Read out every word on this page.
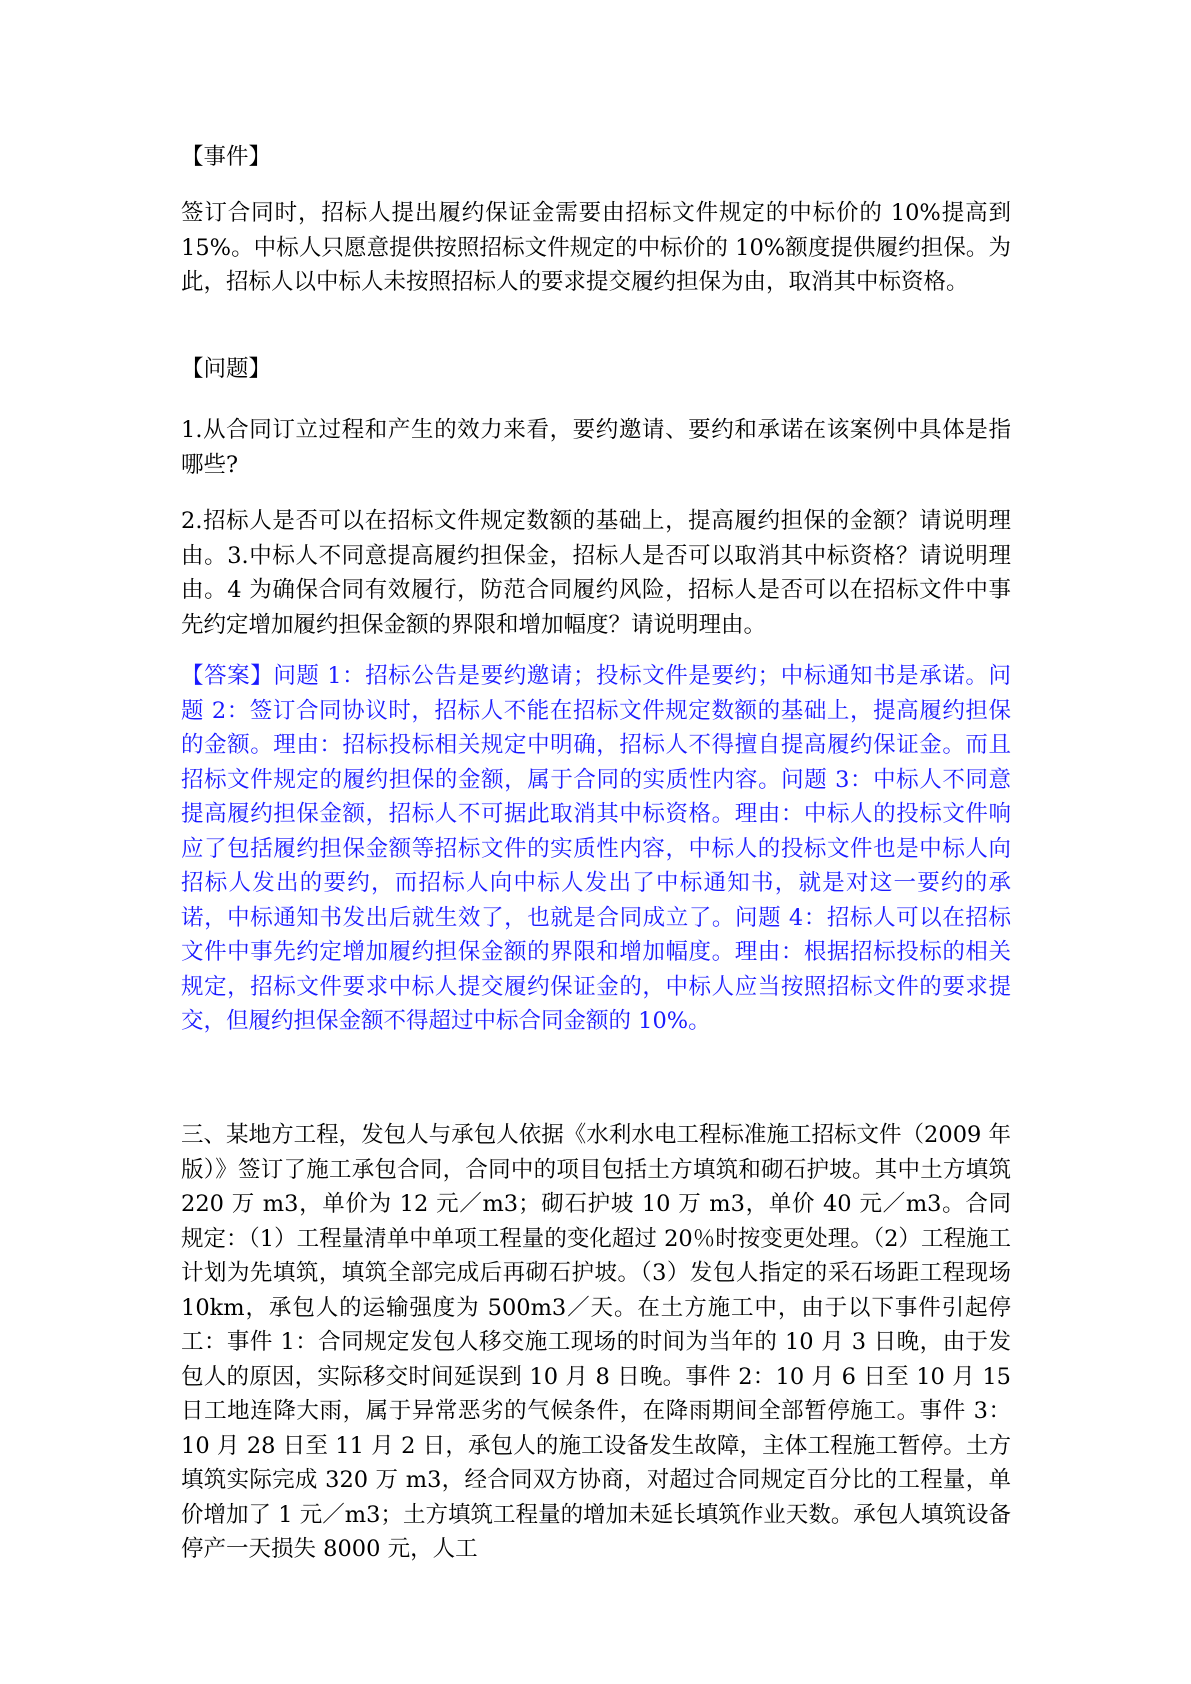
【事件】

签订合同时，招标人提出履约保证金需要由招标文件规定的中标价的 10%提高到 15%。中标人只愿意提供按照招标文件规定的中标价的 10%额度提供履约担保。为此，招标人以中标人未按照招标人的要求提交履约担保为由，取消其中标资格。

【问题】

1.从合同订立过程和产生的效力来看，要约邀请、要约和承诺在该案例中具体是指哪些?

2.招标人是否可以在招标文件规定数额的基础上，提高履约担保的金额？请说明理由。3.中标人不同意提高履约担保金，招标人是否可以取消其中标资格？请说明理由。4 为确保合同有效履行，防范合同履约风险，招标人是否可以在招标文件中事先约定增加履约担保金额的界限和增加幅度？请说明理由。

【答案】问题 1：招标公告是要约邀请；投标文件是要约；中标通知书是承诺。问题 2：签订合同协议时，招标人不能在招标文件规定数额的基础上，提高履约担保的金额。理由：招标投标相关规定中明确，招标人不得擅自提高履约保证金。而且招标文件规定的履约担保的金额，属于合同的实质性内容。问题 3：中标人不同意提高履约担保金额，招标人不可据此取消其中标资格。理由：中标人的投标文件响应了包括履约担保金额等招标文件的实质性内容，中标人的投标文件也是中标人向招标人发出的要约，而招标人向中标人发出了中标通知书，就是对这一要约的承诺，中标通知书发出后就生效了，也就是合同成立了。问题 4：招标人可以在招标文件中事先约定增加履约担保金额的界限和增加幅度。理由：根据招标投标的相关规定，招标文件要求中标人提交履约保证金的，中标人应当按照招标文件的要求提交，但履约担保金额不得超过中标合同金额的 10%。

三、某地方工程，发包人与承包人依据《水利水电工程标准施工招标文件（2009 年版）》签订了施工承包合同，合同中的项目包括土方填筑和砌石护坡。其中土方填筑 220 万 m3，单价为 12 元／m3；砌石护坡 10 万 m3，单价 40 元／m3。合同规定：（1）工程量清单中单项工程量的变化超过 20％时按变更处理。（2）工程施工计划为先填筑，填筑全部完成后再砌石护坡。（3）发包人指定的采石场距工程现场 10km，承包人的运输强度为 500m3／天。在土方施工中，由于以下事件引起停工：事件 1：合同规定发包人移交施工现场的时间为当年的 10 月 3 日晚，由于发包人的原因，实际移交时间延误到 10 月 8 日晚。事件 2：10 月 6 日至 10 月 15 日工地连降大雨，属于异常恶劣的气候条件，在降雨期间全部暂停施工。事件 3：10 月 28 日至 11 月 2 日，承包人的施工设备发生故障，主体工程施工暂停。土方填筑实际完成 320 万 m3，经合同双方协商，对超过合同规定百分比的工程量，单价增加了 1 元／m3；土方填筑工程量的增加未延长填筑作业天数。承包人填筑设备停产一天损失 8000 元，人工
